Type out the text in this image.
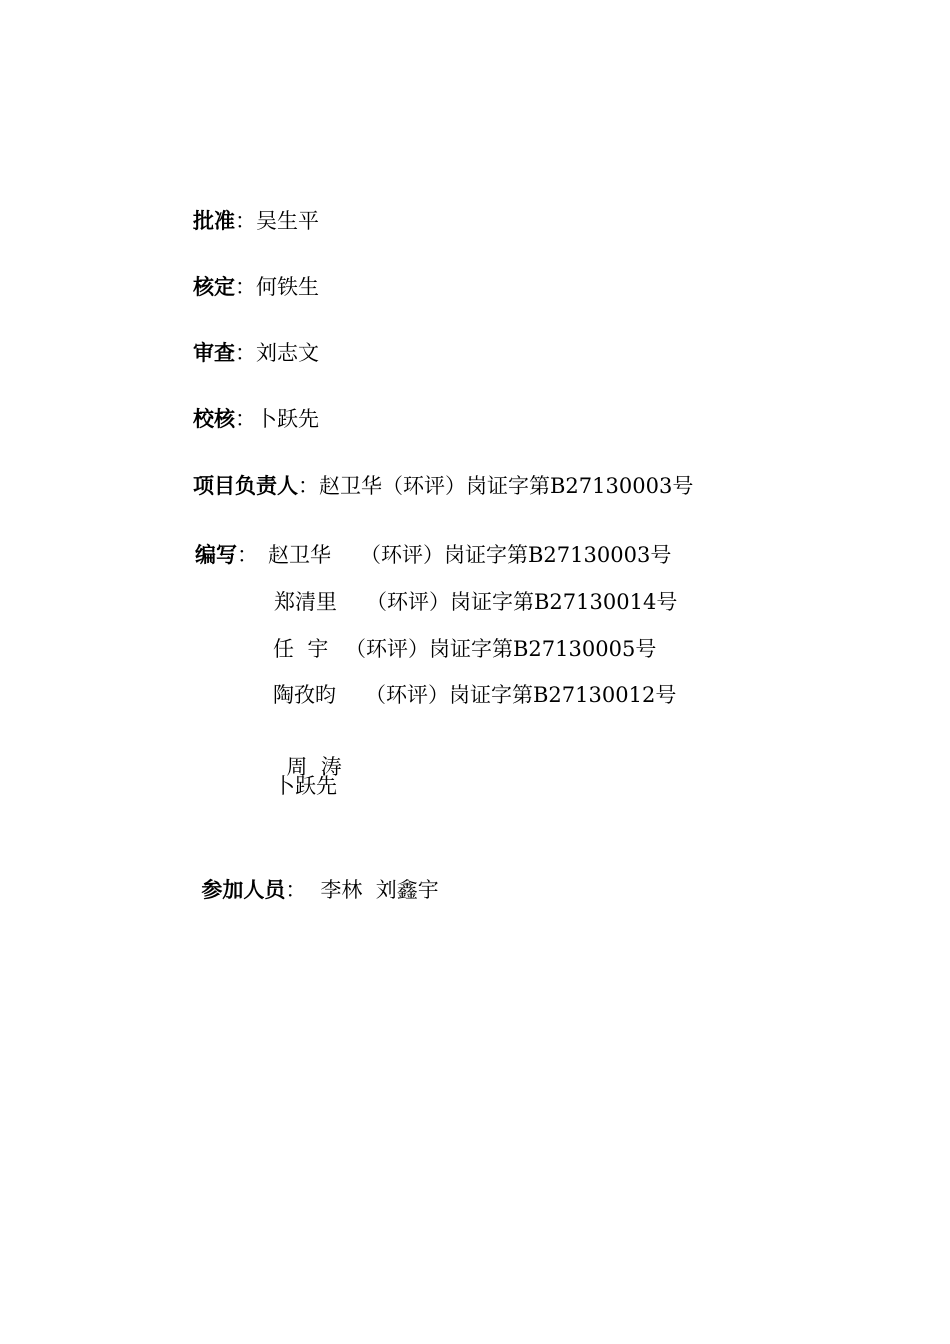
批准：吴生平
核定：何铁生
审查：刘志文
校核：卜跃先
项目负责人：赵卫华（环评）岗证字第B27130003号
编写： 赵卫华 （环评）岗证字第B27130003号
郑清里 （环评）岗证字第B27130014号
任  宇 （环评）岗证字第B27130005号
陶孜昀 （环评）岗证字第B27130012号

周  涛

卜跃先

参加人员： 李林  刘鑫宇
